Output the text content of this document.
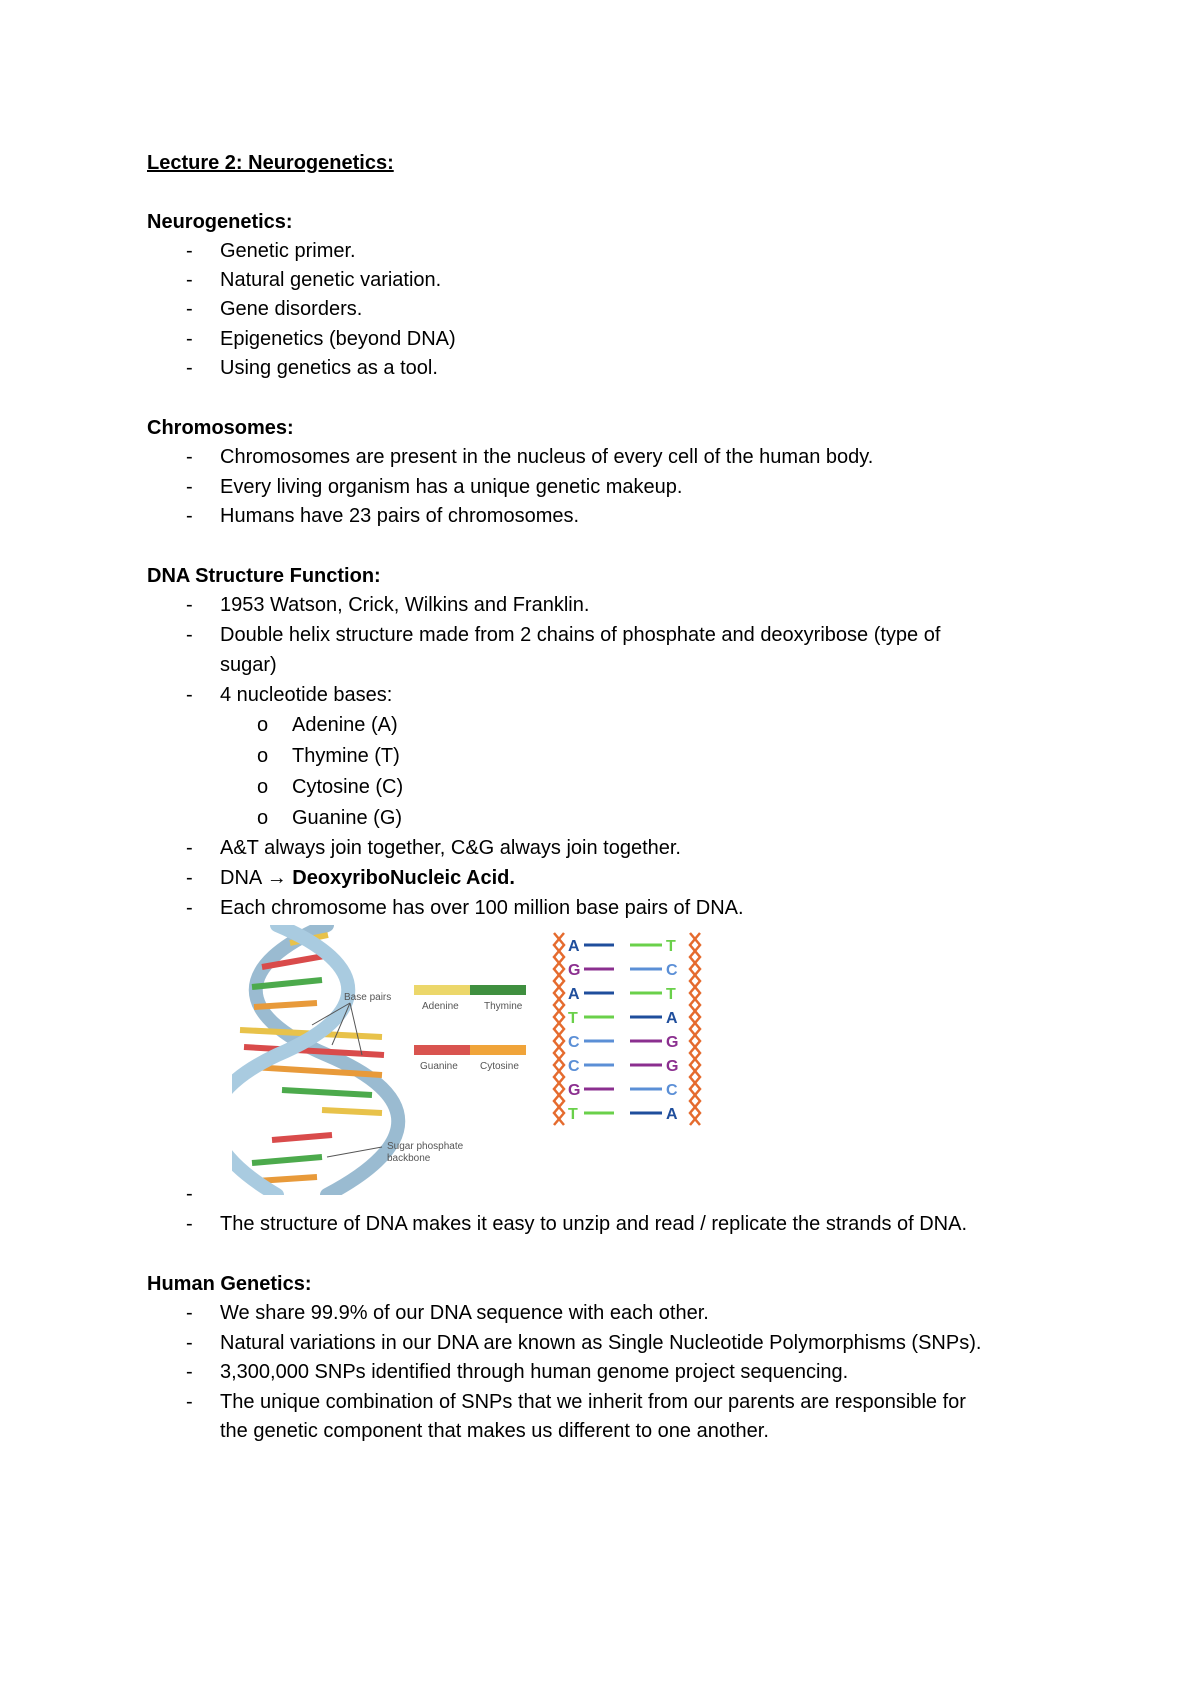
Lecture 2: Neurogenetics:
Neurogenetics:
- Genetic primer.
- Natural genetic variation.
- Gene disorders.
- Epigenetics (beyond DNA)
- Using genetics as a tool.
Chromosomes:
- Chromosomes are present in the nucleus of every cell of the human body.
- Every living organism has a unique genetic makeup.
- Humans have 23 pairs of chromosomes.
DNA Structure Function:
- 1953 Watson, Crick, Wilkins and Franklin.
- Double helix structure made from 2 chains of phosphate and deoxyribose (type of
sugar)
- 4 nucleotide bases:
o Adenine (A)
o Thymine (T)
o Cytosine (C)
o Guanine (G)
- A&T always join together, C&G always join together.
- DNA → DeoxyriboNucleic Acid.
- Each chromosome has over 100 million base pairs of DNA.
Base pairs
Sugar phosphate
backbone
Adenine	Thymine
Guanine Cytosine
A	T
G	C
A	T
T	A
C	G
C	G
G	C
T	A
-
- The structure of DNA makes it easy to unzip and read / replicate the strands of DNA.
Human Genetics:
- We share 99.9% of our DNA sequence with each other.
- Natural variations in our DNA are known as Single Nucleotide Polymorphisms (SNPs).
- 3,300,000 SNPs identified through human genome project sequencing.
- The unique combination of SNPs that we inherit from our parents are responsible for
the genetic component that makes us different to one another.
